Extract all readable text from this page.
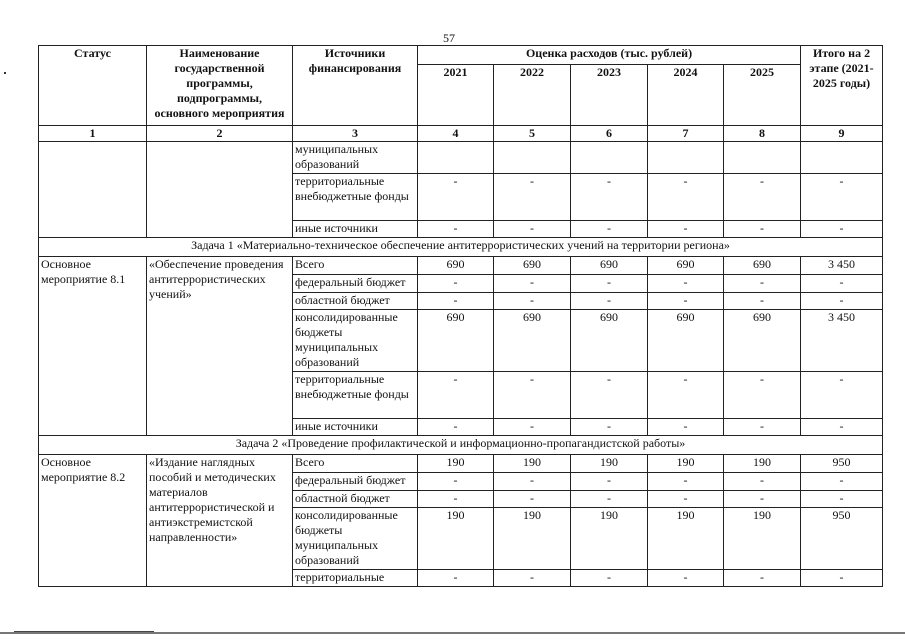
57
Статус	Наименование государственной программы, подпрограммы, основного мероприятия	Источники финансирования	Оценка расходов (тыс. рублей)					Итого на 2 этапе (2021-2025 годы)
			2021	2022	2023	2024	2025	
1	2	3	4	5	6	7	8	9
		муниципальных образований						
		территориальные внебюджетные фонды	-	-	-	-	-	-
		иные источники	-	-	-	-	-	-
Задача 1 «Материально-техническое обеспечение антитеррористических учений на территории региона»								
Основное мероприятие 8.1	«Обеспечение проведения антитеррористических учений»	Всего	690	690	690	690	690	3 450
		федеральный бюджет	-	-	-	-	-	-
		областной бюджет	-	-	-	-	-	-
		консолидированные бюджеты муниципальных образований	690	690	690	690	690	3 450
		территориальные внебюджетные фонды	-	-	-	-	-	-
		иные источники	-	-	-	-	-	-
Задача 2 «Проведение профилактической и информационно-пропагандистской работы»								
Основное мероприятие 8.2	«Издание наглядных пособий и методических материалов антитеррористической и антиэкстремистской направленности»	Всего	190	190	190	190	190	950
		федеральный бюджет	-	-	-	-	-	-
		областной бюджет	-	-	-	-	-	-
		консолидированные бюджеты муниципальных образований	190	190	190	190	190	950
		территориальные	-	-	-	-	-	-
